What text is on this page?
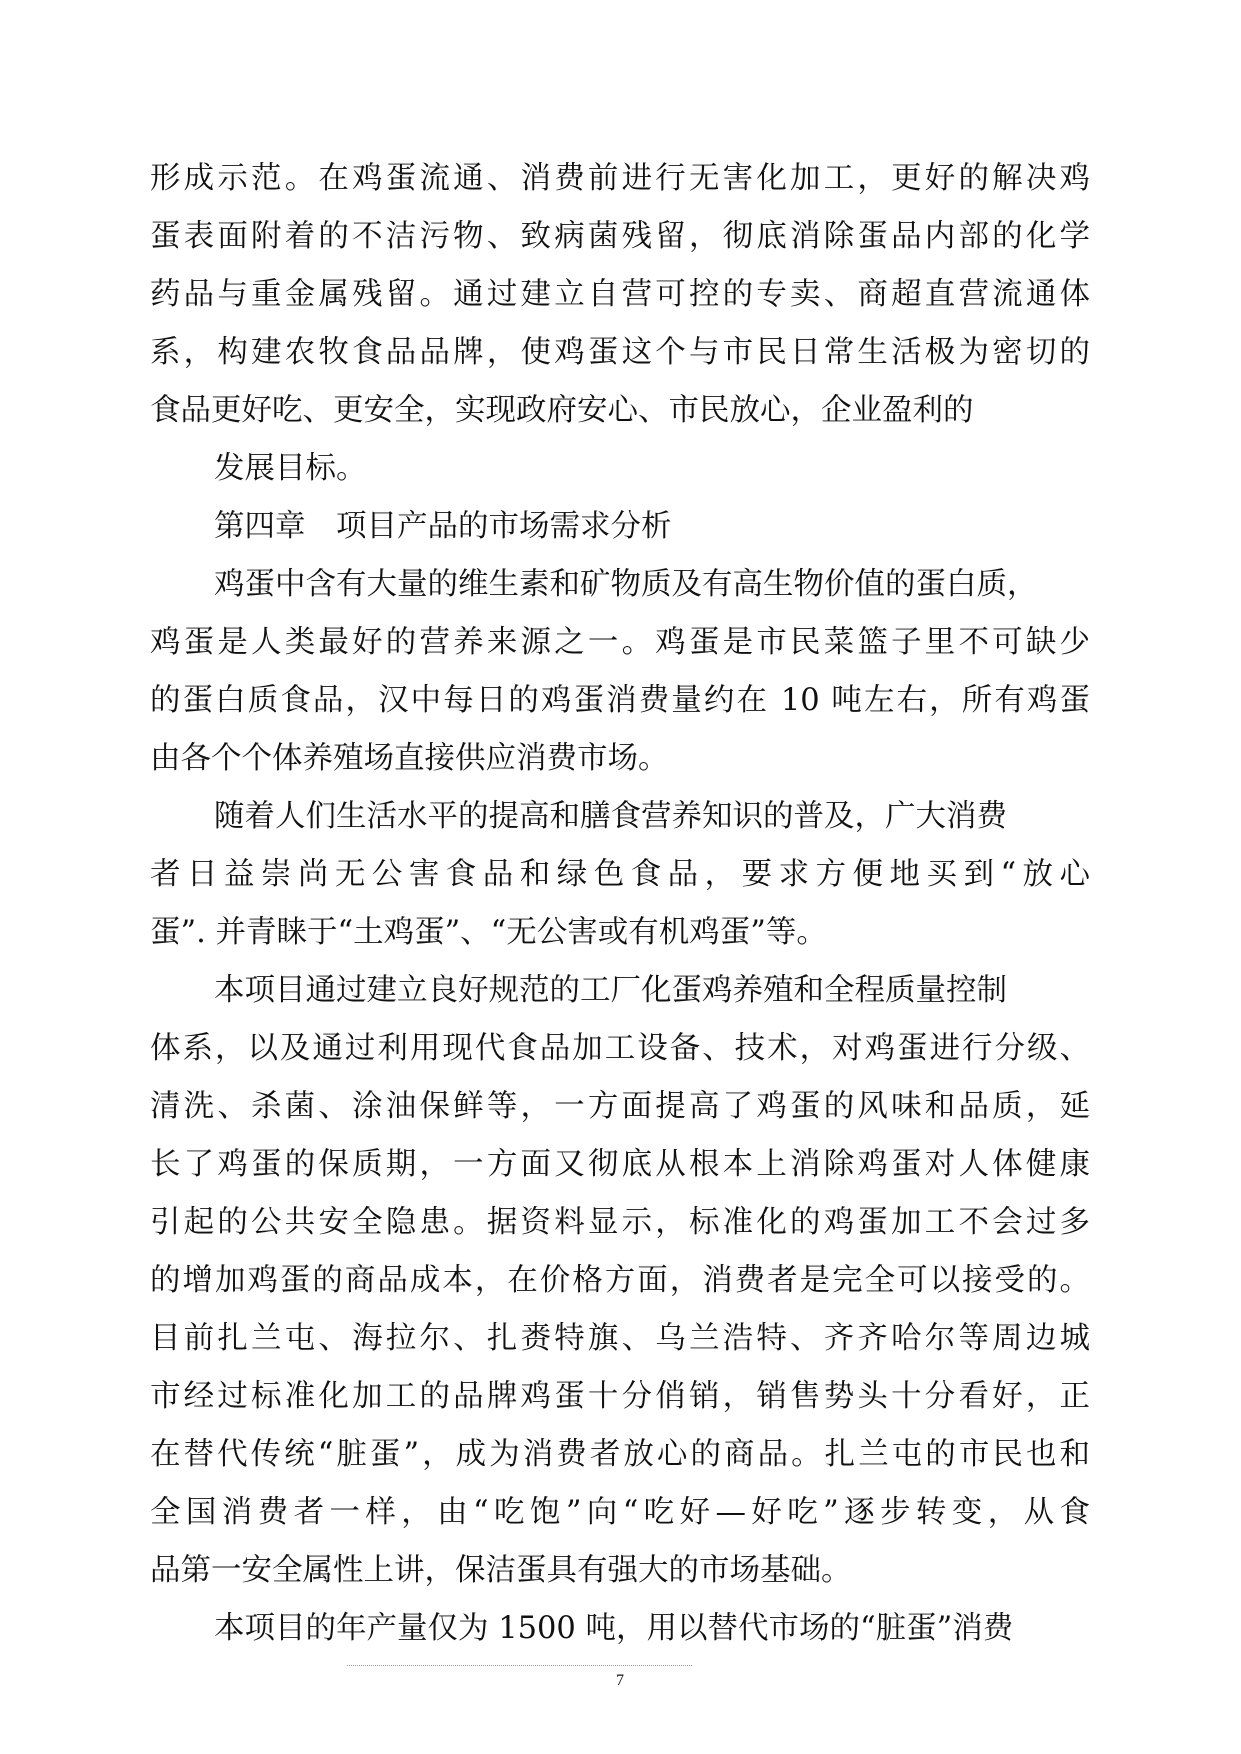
形成示范。在鸡蛋流通、消费前进行无害化加工，更好的解决鸡
蛋表面附着的不洁污物、致病菌残留，彻底消除蛋品内部的化学
药品与重金属残留。通过建立自营可控的专卖、商超直营流通体
系，构建农牧食品品牌，使鸡蛋这个与市民日常生活极为密切的
食品更好吃、更安全，实现政府安心、市民放心，企业盈利的
发展目标。
第四章　项目产品的市场需求分析
鸡蛋中含有大量的维生素和矿物质及有高生物价值的蛋白质，
鸡蛋是人类最好的营养来源之一。鸡蛋是市民菜篮子里不可缺少
的蛋白质食品，汉中每日的鸡蛋消费量约在 10 吨左右，所有鸡蛋
由各个个体养殖场直接供应消费市场。
随着人们生活水平的提高和膳食营养知识的普及，广大消费
者日益崇尚无公害食品和绿色食品，要求方便地买到“放心
蛋”. 并青睐于“土鸡蛋”、“无公害或有机鸡蛋”等。
本项目通过建立良好规范的工厂化蛋鸡养殖和全程质量控制
体系，以及通过利用现代食品加工设备、技术，对鸡蛋进行分级、
清洗、杀菌、涂油保鲜等，一方面提高了鸡蛋的风味和品质，延
长了鸡蛋的保质期，一方面又彻底从根本上消除鸡蛋对人体健康
引起的公共安全隐患。据资料显示，标准化的鸡蛋加工不会过多
的增加鸡蛋的商品成本，在价格方面，消费者是完全可以接受的。
目前扎兰屯、海拉尔、扎赉特旗、乌兰浩特、齐齐哈尔等周边城
市经过标准化加工的品牌鸡蛋十分俏销，销售势头十分看好，正
在替代传统“脏蛋”，成为消费者放心的商品。扎兰屯的市民也和
全国消费者一样，由“吃饱”向“吃好—好吃”逐步转变，从食
品第一安全属性上讲，保洁蛋具有强大的市场基础。
本项目的年产量仅为 1500 吨，用以替代市场的“脏蛋”消费
7
